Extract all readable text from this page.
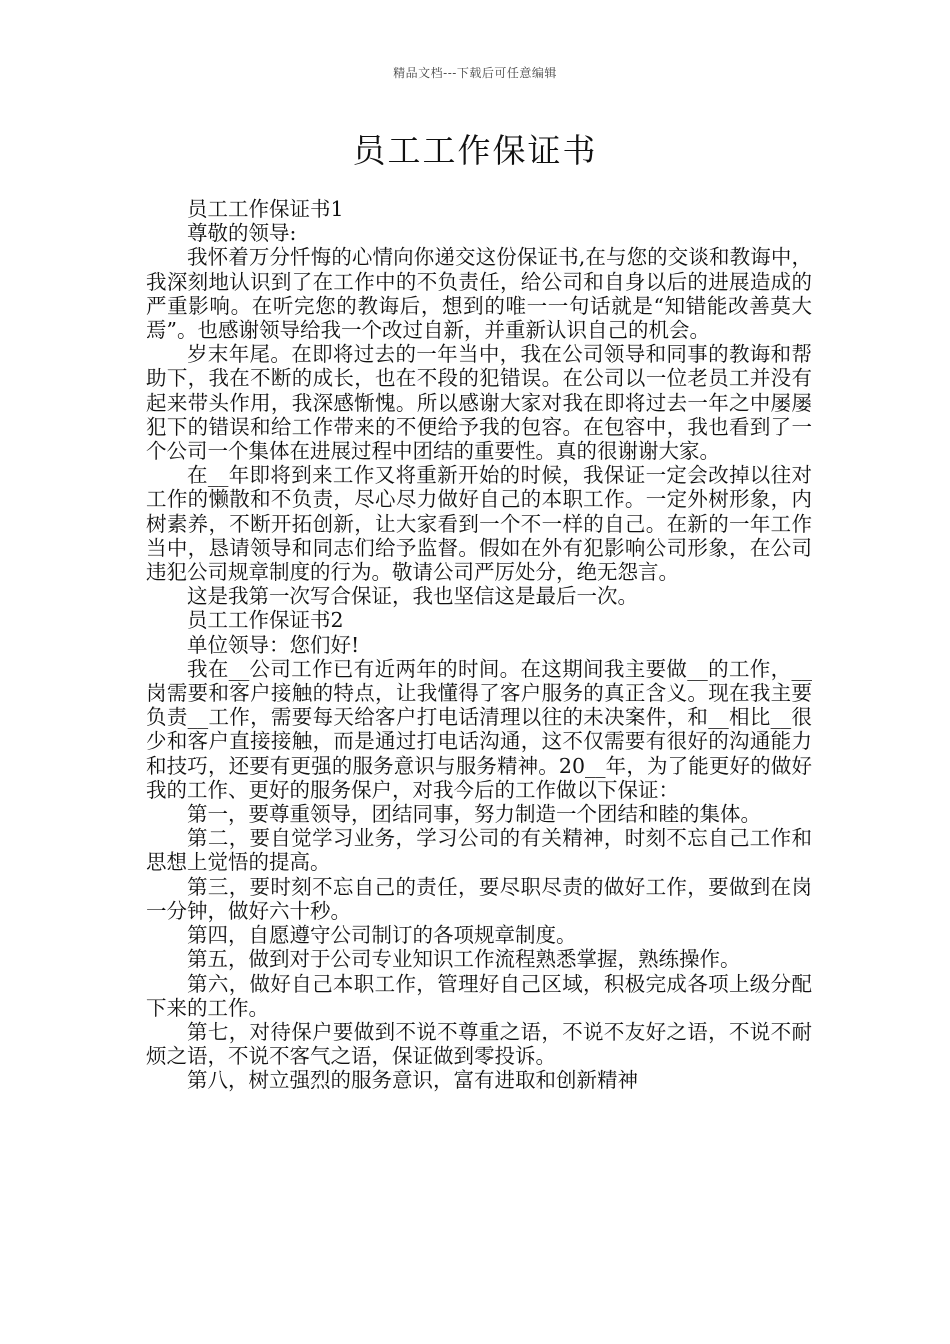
精品文档---下载后可任意编辑
员工工作保证书

员工工作保证书1

尊敬的领导:

我怀着万分忏悔的心情向你递交这份保证书,在与您的交谈和教诲中，我深刻地认识到了在工作中的不负责任，给公司和自身以后的进展造成的严重影响。在听完您的教诲后，想到的唯一一句话就是“知错能改善莫大焉”。也感谢领导给我一个改过自新，并重新认识自己的机会。

岁末年尾。在即将过去的一年当中，我在公司领导和同事的教诲和帮助下，我在不断的成长，也在不段的犯错误。在公司以一位老员工并没有起来带头作用，我深感惭愧。所以感谢大家对我在即将过去一年之中屡屡犯下的错误和给工作带来的不便给予我的包容。在包容中，我也看到了一个公司一个集体在进展过程中团结的重要性。真的很谢谢大家。

在__年即将到来工作又将重新开始的时候，我保证一定会改掉以往对工作的懒散和不负责，尽心尽力做好自己的本职工作。一定外树形象，内树素养，不断开拓创新，让大家看到一个不一样的自己。在新的一年工作当中，恳请领导和同志们给予监督。假如在外有犯影响公司形象，在公司违犯公司规章制度的行为。敬请公司严厉处分，绝无怨言。

这是我第一次写合保证，我也坚信这是最后一次。

员工工作保证书2

单位领导：您们好!

我在__公司工作已有近两年的时间。在这期间我主要做__的工作，__岗需要和客户接触的特点，让我懂得了客户服务的真正含义。现在我主要负责__工作，需要每天给客户打电话清理以往的未决案件，和__相比__很少和客户直接接触，而是通过打电话沟通，这不仅需要有很好的沟通能力和技巧，还要有更强的服务意识与服务精神。20__年，为了能更好的做好我的工作、更好的服务保户，对我今后的工作做以下保证：

第一，要尊重领导，团结同事，努力制造一个团结和睦的集体。

第二，要自觉学习业务，学习公司的有关精神，时刻不忘自己工作和思想上觉悟的提高。

第三，要时刻不忘自己的责任，要尽职尽责的做好工作，要做到在岗一分钟，做好六十秒。

第四，自愿遵守公司制订的各项规章制度。

第五，做到对于公司专业知识工作流程熟悉掌握，熟练操作。

第六，做好自己本职工作，管理好自己区域，积极完成各项上级分配下来的工作。

第七，对待保户要做到不说不尊重之语，不说不友好之语，不说不耐烦之语，不说不客气之语，保证做到零投诉。

第八，树立强烈的服务意识，富有进取和创新精神
